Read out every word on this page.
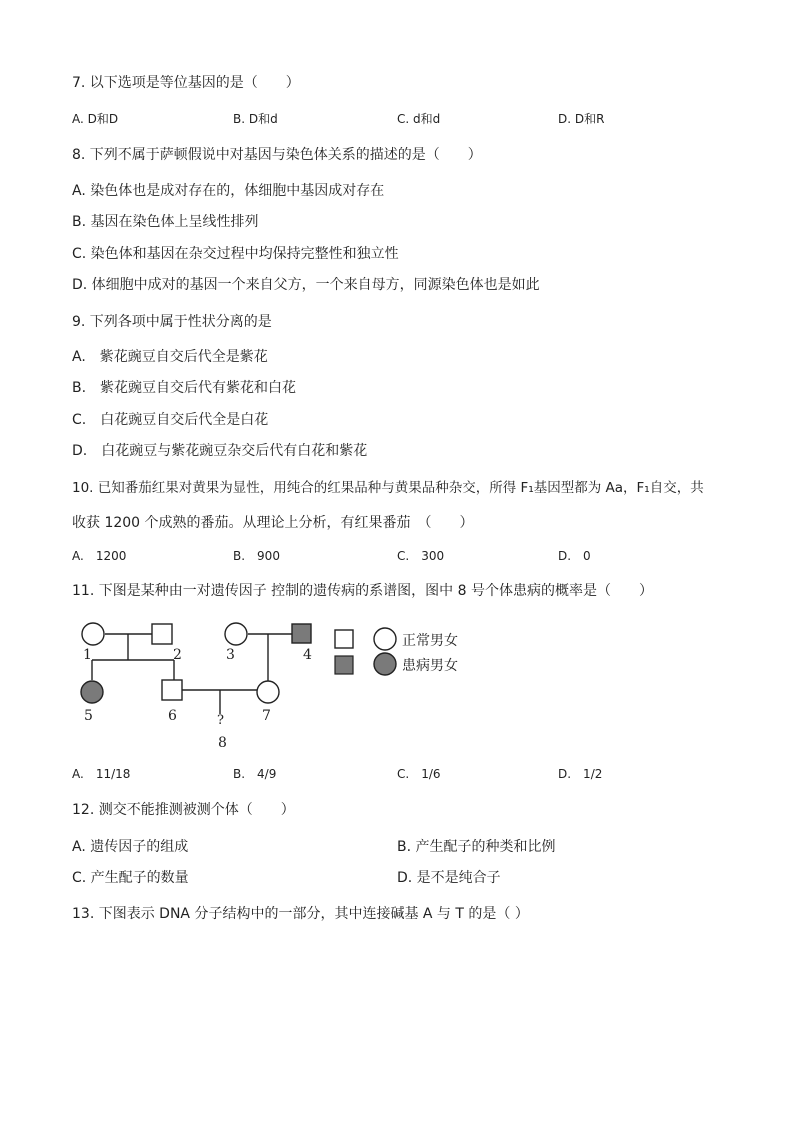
7. 以下选项是等位基因的是（　　）
A. D和D	B. D和d	C. d和d	D. D和R
8. 下列不属于萨顿假说中对基因与染色体关系的描述的是（　　）
A. 染色体也是成对存在的，体细胞中基因成对存在
B. 基因在染色体上呈线性排列
C. 染色体和基因在杂交过程中均保持完整性和独立性
D. 体细胞中成对的基因一个来自父方，一个来自母方，同源染色体也是如此
9. 下列各项中属于性状分离的是
A.　紫花豌豆自交后代全是紫花
B.　紫花豌豆自交后代有紫花和白花
C.　白花豌豆自交后代全是白花
D.　白花豌豆与紫花豌豆杂交后代有白花和紫花
10. 已知番茄红果对黄果为显性，用纯合的红果品种与黄果品种杂交，所得 F₁基因型都为 Aa，F₁自交，共
收获 1200 个成熟的番茄。从理论上分析，有红果番茄　（　　）
A.　1200	B.　900	C.　300	D.　0
11. 下图是某种由一对遗传因子 控制的遗传病的系谱图，图中 8 号个体患病的概率是（　　）
1	2	3	4
5	6	7
?
8
正常男女
患病男女
A.　11/18	B.　4/9	C.　1/6	D.　1/2
12. 测交不能推测被测个体（　　）
A. 遗传因子的组成	B. 产生配子的种类和比例
C. 产生配子的数量	D. 是不是纯合子
13. 下图表示 DNA 分子结构中的一部分，其中连接碱基 A 与 T 的是（ ）
